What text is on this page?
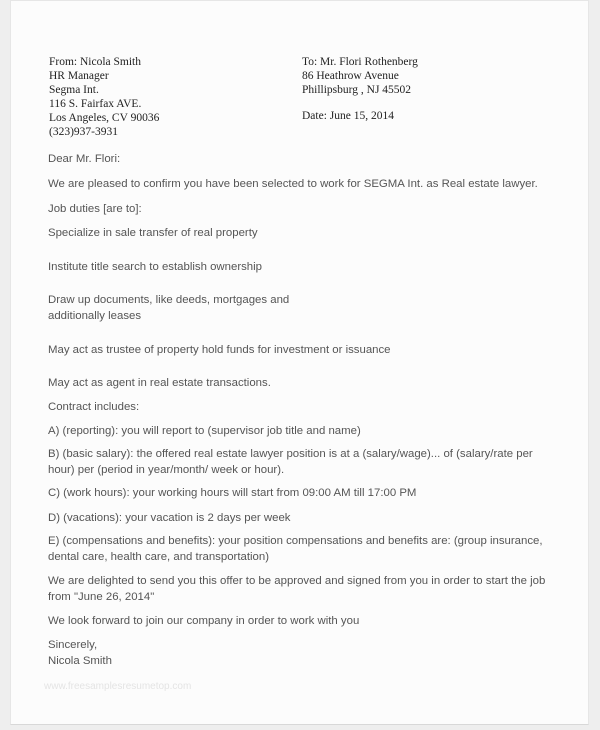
From: Nicola Smith
HR Manager
Segma Int.
116 S. Fairfax AVE.
Los Angeles, CV 90036
(323)937-3931
To: Mr. Flori Rothenberg
86 Heathrow Avenue
Phillipsburg , NJ 45502
Date: June 15, 2014

Dear Mr. Flori:

We are pleased to confirm you have been selected to work for SEGMA Int. as Real estate lawyer.

Job duties [are to]:

Specialize in sale transfer of real property

Institute title search to establish ownership

Draw up documents, like deeds, mortgages and additionally leases

May act as trustee of property hold funds for investment or issuance

May act as agent in real estate transactions.

Contract includes:

A) (reporting): you will report to (supervisor job title and name)

B) (basic salary): the offered real estate lawyer position is at a (salary/wage)... of (salary/rate per hour) per (period in year/month/ week or hour).

C) (work hours): your working hours will start from 09:00 AM till 17:00 PM

D) (vacations): your vacation is 2 days per week

E) (compensations and benefits): your position compensations and benefits are: (group insurance, dental care, health care, and transportation)

We are delighted to send you this offer to be approved and signed from you in order to start the job from "June 26, 2014"

We look forward to join our company in order to work with you

Sincerely,

Nicola Smith

www.freesamplesresumetop.com
